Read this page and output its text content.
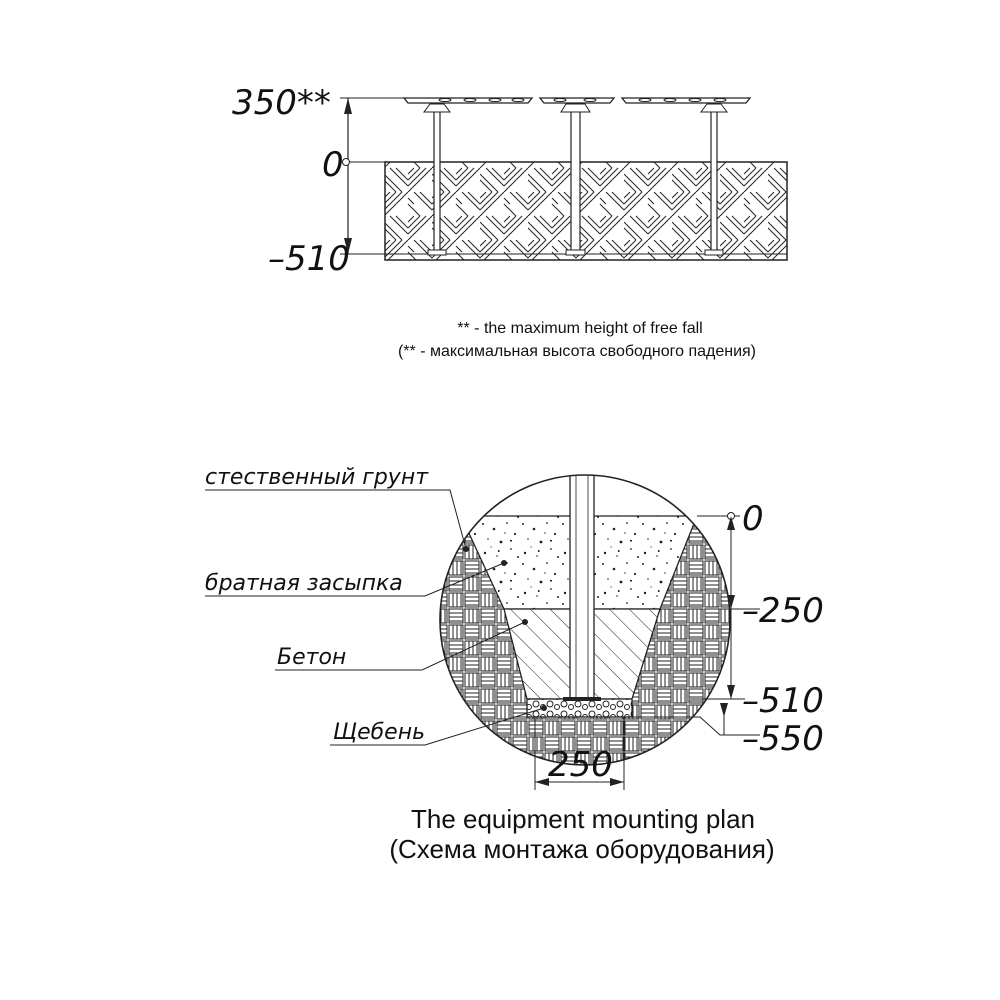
350**
0
–510
** - the maximum height of free fall
(** - максимальная высота свободного падения)
стественный грунт
братная засыпка
Бетон
Щебень
0
–250
–510
–550
250
The equipment mounting plan
(Схема монтажа оборудования)
